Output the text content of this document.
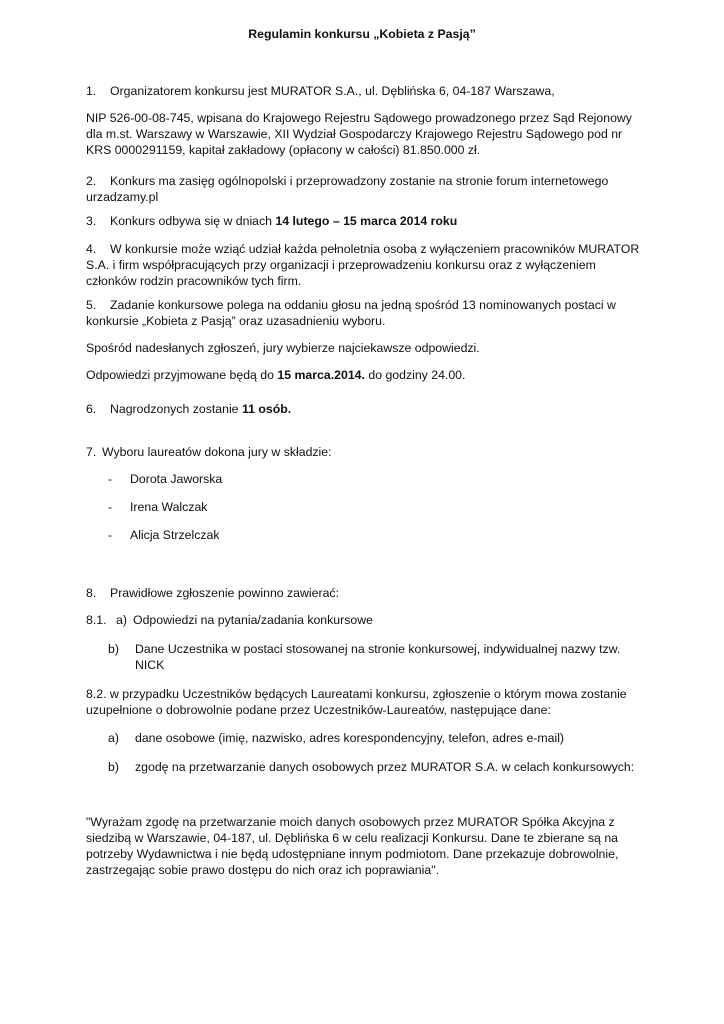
Regulamin konkursu „Kobieta z Pasją”

1. Organizatorem konkursu jest MURATOR S.A., ul. Dęblińska 6, 04-187 Warszawa,

NIP 526-00-08-745, wpisana do Krajowego Rejestru Sądowego prowadzonego przez Sąd Rejonowy
dla m.st. Warszawy w Warszawie, XII Wydział Gospodarczy Krajowego Rejestru Sądowego pod nr
KRS 0000291159, kapitał zakładowy (opłacony w całości) 81.850.000 zł.

2. Konkurs ma zasięg ogólnopolski i przeprowadzony zostanie na stronie forum internetowego
urzadzamy.pl

3. Konkurs odbywa się w dniach 14 lutego – 15 marca 2014 roku

4. W konkursie może wziąć udział każda pełnoletnia osoba z wyłączeniem pracowników MURATOR
S.A. i firm współpracujących przy organizacji i przeprowadzeniu konkursu oraz z wyłączeniem
członków rodzin pracowników tych firm.

5. Zadanie konkursowe polega na oddaniu głosu na jedną spośród 13 nominowanych postaci w
konkursie „Kobieta z Pasją” oraz uzasadnieniu wyboru.

Spośród nadesłanych zgłoszeń, jury wybierze najciekawsze odpowiedzi.

Odpowiedzi przyjmowane będą do 15 marca.2014. do godziny 24.00.

6. Nagrodzonych zostanie 11 osób.

7. Wyboru laureatów dokona jury w składzie:

- Dorota Jaworska

- Irena Walczak

- Alicja Strzelczak

8. Prawidłowe zgłoszenie powinno zawierać:

8.1. a) Odpowiedzi na pytania/zadania konkursowe

b) Dane Uczestnika w postaci stosowanej na stronie konkursowej, indywidualnej nazwy tzw.
NICK

8.2. w przypadku Uczestników będących Laureatami konkursu, zgłoszenie o którym mowa zostanie
uzupełnione o dobrowolnie podane przez Uczestników-Laureatów, następujące dane:

a) dane osobowe (imię, nazwisko, adres korespondencyjny, telefon, adres e-mail)

b) zgodę na przetwarzanie danych osobowych przez MURATOR S.A. w celach konkursowych:

"Wyrażam zgodę na przetwarzanie moich danych osobowych przez MURATOR Spółka Akcyjna z
siedzibą w Warszawie, 04-187, ul. Dęblińska 6 w celu realizacji Konkursu. Dane te zbierane są na
potrzeby Wydawnictwa i nie będą udostępniane innym podmiotom. Dane przekazuje dobrowolnie,
zastrzegając sobie prawo dostępu do nich oraz ich poprawiania".
